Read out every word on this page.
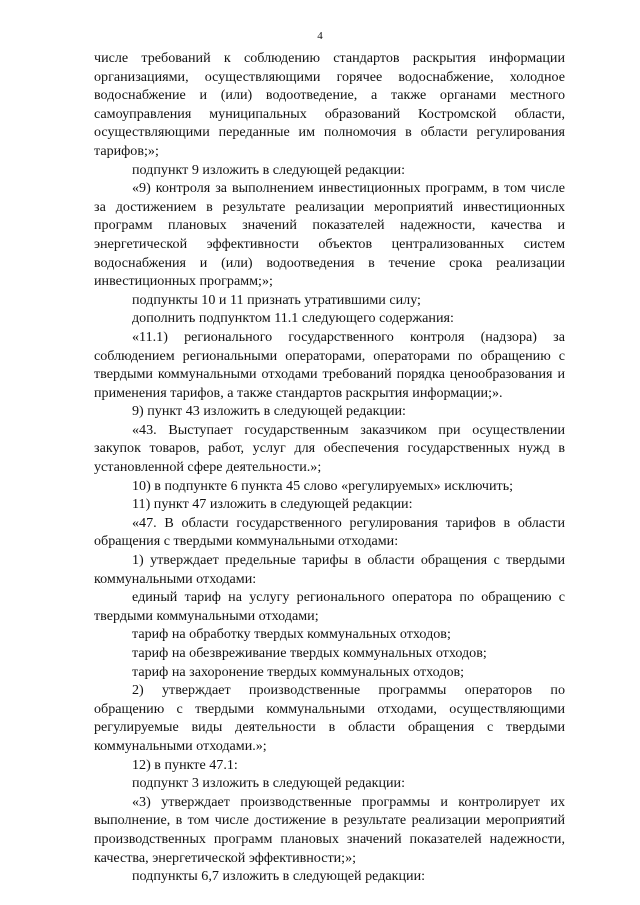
4

числе требований к соблюдению стандартов раскрытия информации организациями, осуществляющими горячее водоснабжение, холодное водоснабжение и (или) водоотведение, а также органами местного самоуправления муниципальных образований Костромской области, осуществляющими переданные им полномочия в области регулирования тарифов;»;

подпункт 9 изложить в следующей редакции:

«9) контроля за выполнением инвестиционных программ, в том числе за достижением в результате реализации мероприятий инвестиционных программ плановых значений показателей надежности, качества и энергетической эффективности объектов централизованных систем водоснабжения и (или) водоотведения в течение срока реализации инвестиционных программ;»;

подпункты 10 и 11 признать утратившими силу;

дополнить подпунктом 11.1 следующего содержания:

«11.1) регионального государственного контроля (надзора) за соблюдением региональными операторами, операторами по обращению с твердыми коммунальными отходами требований порядка ценообразования и применения тарифов, а также стандартов раскрытия информации;».

9) пункт 43 изложить в следующей редакции:

«43. Выступает государственным заказчиком при осуществлении закупок товаров, работ, услуг для обеспечения государственных нужд в установленной сфере деятельности.»;

10) в подпункте 6 пункта 45 слово «регулируемых» исключить;

11) пункт 47 изложить в следующей редакции:

«47. В области государственного регулирования тарифов в области обращения с твердыми коммунальными отходами:

1) утверждает предельные тарифы в области обращения с твердыми коммунальными отходами:

единый тариф на услугу регионального оператора по обращению с твердыми коммунальными отходами;

тариф на обработку твердых коммунальных отходов;

тариф на обезвреживание твердых коммунальных отходов;

тариф на захоронение твердых коммунальных отходов;

2) утверждает производственные программы операторов по обращению с твердыми коммунальными отходами, осуществляющими регулируемые виды деятельности в области обращения с твердыми коммунальными отходами.»;

12) в пункте 47.1:

подпункт 3 изложить в следующей редакции:

«3) утверждает производственные программы и контролирует их выполнение, в том числе достижение в результате реализации мероприятий производственных программ плановых значений показателей надежности, качества, энергетической эффективности;»;

подпункты 6,7 изложить в следующей редакции:
